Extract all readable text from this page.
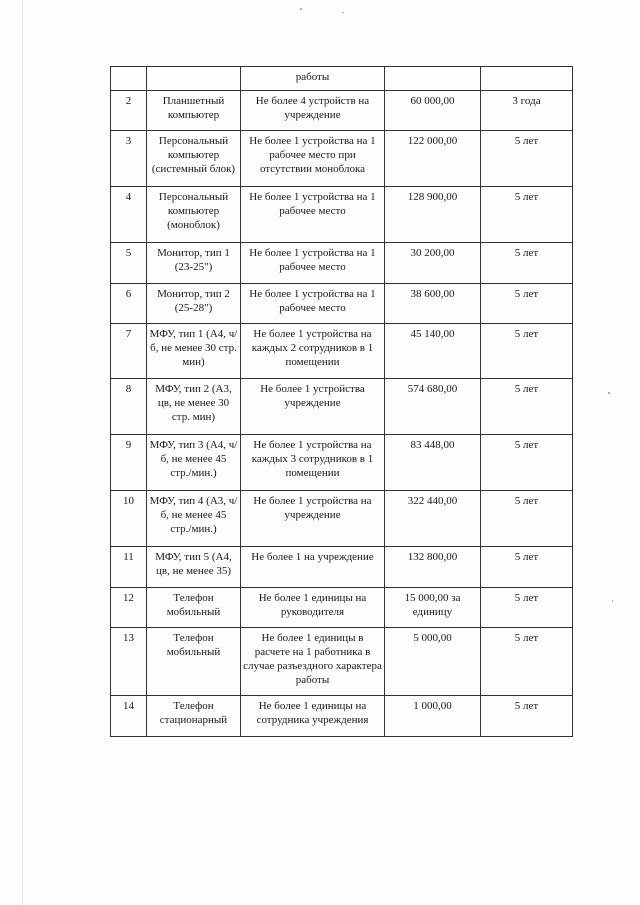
		работы		
2	Планшетный компьютер	Не более 4 устройств на учреждение	60 000,00	3 года
3	Персональный компьютер (системный блок)	Не более 1 устройства на 1 рабочее место при отсутствии моноблока	122 000,00	5 лет
4	Персональный компьютер (моноблок)	Не более 1 устройства на 1 рабочее место	128 900,00	5 лет
5	Монитор, тип 1 (23-25")	Не более 1 устройства на 1 рабочее место	30 200,00	5 лет
6	Монитор, тип 2 (25-28")	Не более 1 устройства на 1 рабочее место	38 600,00	5 лет
7	МФУ, тип 1 (А4, ч/б, не менее 30 стр. мин)	Не более 1 устройства на каждых 2 сотрудников в 1 помещении	45 140,00	5 лет
8	МФУ, тип 2 (А3, цв, не менее 30 стр. мин)	Не более 1 устройства учреждение	574 680,00	5 лет
9	МФУ, тип 3 (А4, ч/б, не менее 45 стр./мин.)	Не более 1 устройства на каждых 3 сотрудников в 1 помещении	83 448,00	5 лет
10	МФУ, тип 4 (А3, ч/б, не менее 45 стр./мин.)	Не более 1 устройства на учреждение	322 440,00	5 лет
11	МФУ, тип 5 (А4, цв, не менее 35)	Не более 1 на учреждение	132 800,00	5 лет
12	Телефон мобильный	Не более 1 единицы на руководителя	15 000,00 за единицу	5 лет
13	Телефон мобильный	Не более 1 единицы в расчете на 1 работника в случае разъездного характера работы	5 000,00	5 лет
14	Телефон стационарный	Не более 1 единицы на сотрудника учреждения	1 000,00	5 лет
